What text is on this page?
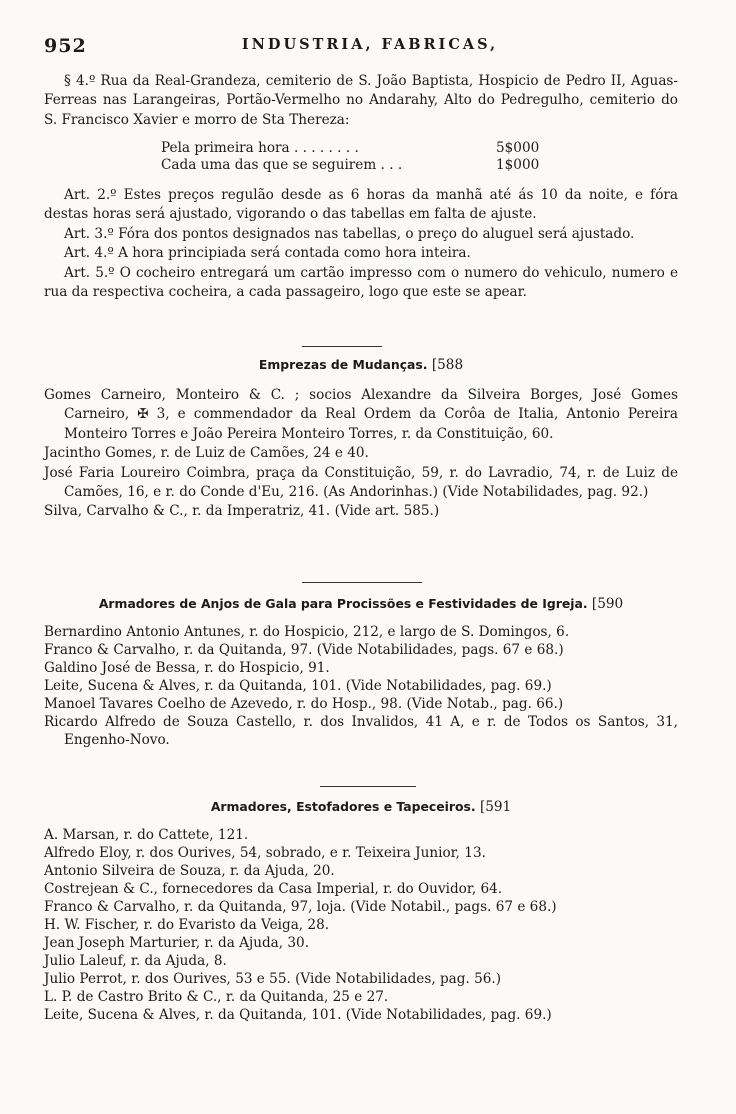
952	INDUSTRIA, FABRICAS,

§ 4.º Rua da Real-Grandeza, cemiterio de S. João Baptista, Hospicio de Pedro II, Aguas-Ferreas nas Larangeiras, Portão-Vermelho no Andarahy, Alto do Pedregulho, cemiterio do S. Francisco Xavier e morro de Sta Thereza:

Pela primeira hora . . . . . . . .	5$000
Cada uma das que se seguirem . . .	1$000

Art. 2.º Estes preços regulão desde as 6 horas da manhã até ás 10 da noite, e fóra destas horas será ajustado, vigorando o das tabellas em falta de ajuste.

Art. 3.º Fóra dos pontos designados nas tabellas, o preço do aluguel será ajustado.

Art. 4.º A hora principiada será contada como hora inteira.

Art. 5.º O cocheiro entregará um cartão impresso com o numero do vehiculo, numero e rua da respectiva cocheira, a cada passageiro, logo que este se apear.

Emprezas de Mudanças. [588

Gomes Carneiro, Monteiro & C. ; socios Alexandre da Silveira Borges, José Gomes Carneiro, ✠ 3, e commendador da Real Ordem da Corôa de Italia, Antonio Pereira Monteiro Torres e João Pereira Monteiro Torres, r. da Constituição, 60.

Jacintho Gomes, r. de Luiz de Camões, 24 e 40.

José Faria Loureiro Coimbra, praça da Constituição, 59, r. do Lavradio, 74, r. de Luiz de Camões, 16, e r. do Conde d'Eu, 216. (As Andorinhas.) (Vide Notabilidades, pag. 92.)

Silva, Carvalho & C., r. da Imperatriz, 41. (Vide art. 585.)

Armadores de Anjos de Gala para Procissões e Festividades de Igreja. [590

Bernardino Antonio Antunes, r. do Hospicio, 212, e largo de S. Domingos, 6.

Franco & Carvalho, r. da Quitanda, 97. (Vide Notabilidades, pags. 67 e 68.)

Galdino José de Bessa, r. do Hospicio, 91.

Leite, Sucena & Alves, r. da Quitanda, 101. (Vide Notabilidades, pag. 69.)

Manoel Tavares Coelho de Azevedo, r. do Hosp., 98. (Vide Notab., pag. 66.)

Ricardo Alfredo de Souza Castello, r. dos Invalidos, 41 A, e r. de Todos os Santos, 31, Engenho-Novo.

Armadores, Estofadores e Tapeceiros. [591

A. Marsan, r. do Cattete, 121.

Alfredo Eloy, r. dos Ourives, 54, sobrado, e r. Teixeira Junior, 13.

Antonio Silveira de Souza, r. da Ajuda, 20.

Costrejean & C., fornecedores da Casa Imperial, r. do Ouvidor, 64.

Franco & Carvalho, r. da Quitanda, 97, loja. (Vide Notabil., pags. 67 e 68.)

H. W. Fischer, r. do Evaristo da Veiga, 28.

Jean Joseph Marturier, r. da Ajuda, 30.

Julio Laleuf, r. da Ajuda, 8.

Julio Perrot, r. dos Ourives, 53 e 55. (Vide Notabilidades, pag. 56.)

L. P. de Castro Brito & C., r. da Quitanda, 25 e 27.

Leite, Sucena & Alves, r. da Quitanda, 101. (Vide Notabilidades, pag. 69.)
